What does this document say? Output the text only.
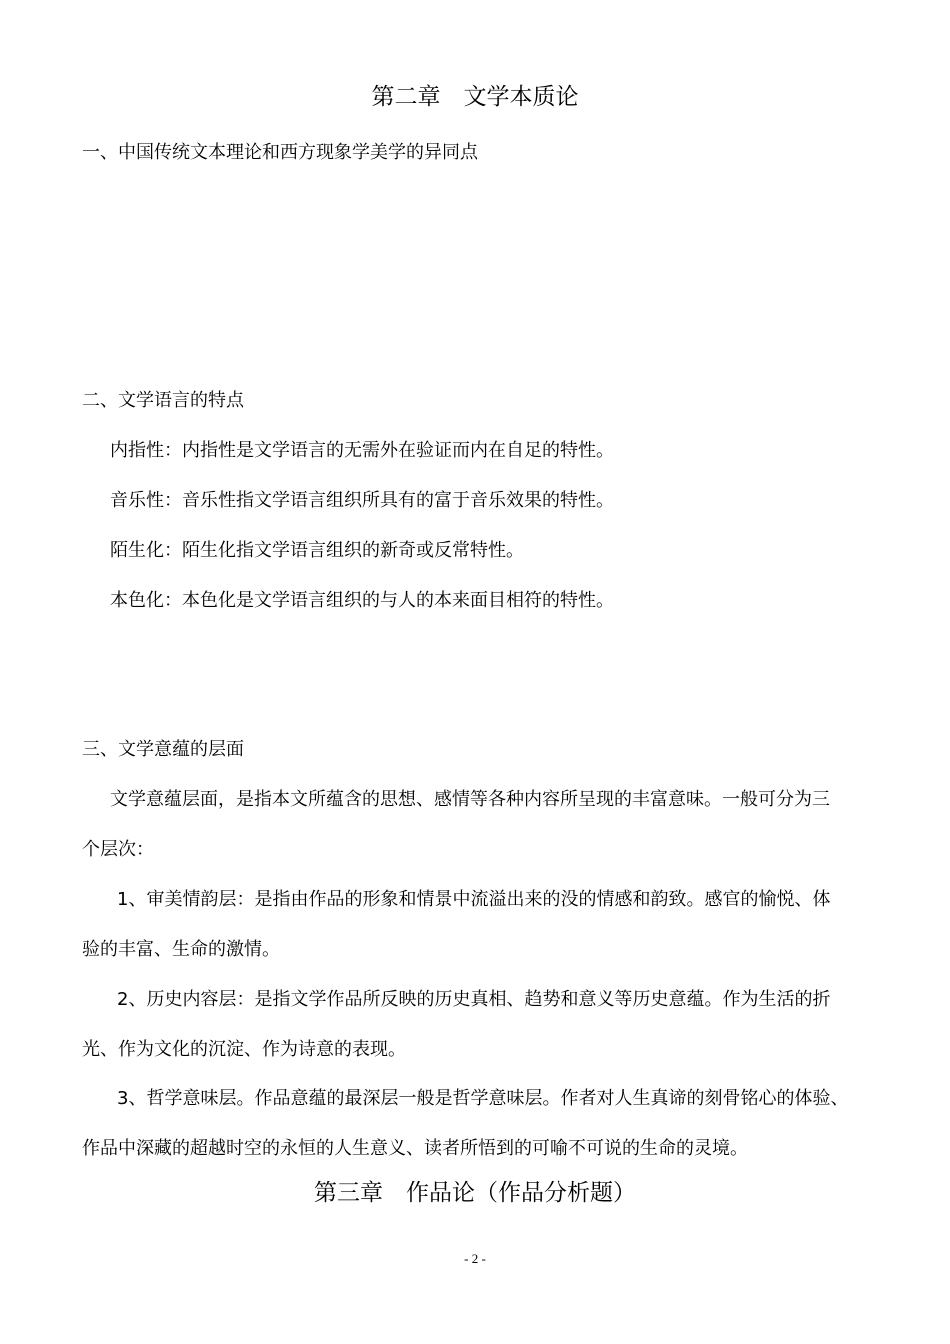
第二章　文学本质论
一、中国传统文本理论和西方现象学美学的异同点
二、文学语言的特点
内指性：内指性是文学语言的无需外在验证而内在自足的特性。
音乐性：音乐性指文学语言组织所具有的富于音乐效果的特性。
陌生化：陌生化指文学语言组织的新奇或反常特性。
本色化：本色化是文学语言组织的与人的本来面目相符的特性。
三、文学意蕴的层面
文学意蕴层面，是指本文所蕴含的思想、感情等各种内容所呈现的丰富意味。一般可分为三
个层次：
1、审美情韵层：是指由作品的形象和情景中流溢出来的没的情感和韵致。感官的愉悦、体
验的丰富、生命的激情。
2、历史内容层：是指文学作品所反映的历史真相、趋势和意义等历史意蕴。作为生活的折
光、作为文化的沉淀、作为诗意的表现。
3、哲学意味层。作品意蕴的最深层一般是哲学意味层。作者对人生真谛的刻骨铭心的体验、
作品中深藏的超越时空的永恒的人生意义、读者所悟到的可喻不可说的生命的灵境。
第三章　作品论（作品分析题）
- 2 -
